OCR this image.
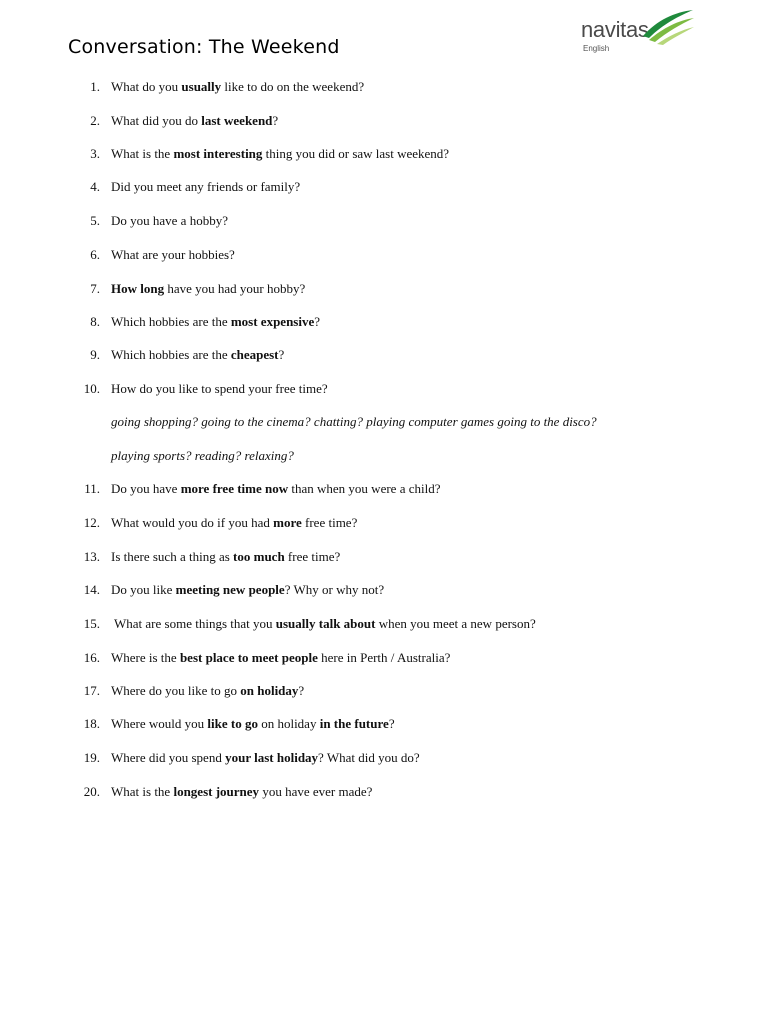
Conversation: The Weekend
navitas
English
1. What do you usually like to do on the weekend?
2. What did you do last weekend?
3. What is the most interesting thing you did or saw last weekend?
4. Did you meet any friends or family?
5. Do you have a hobby?
6. What are your hobbies?
7. How long have you had your hobby?
8. Which hobbies are the most expensive?
9. Which hobbies are the cheapest?
10. How do you like to spend your free time?
11. Do you have more free time now than when you were a child?
12. What would you do if you had more free time?
13. Is there such a thing as too much free time?
14. Do you like meeting new people? Why or why not?
15. What are some things that you usually talk about when you meet a new person?
16. Where is the best place to meet people here in Perth / Australia?
17. Where do you like to go on holiday?
18. Where would you like to go on holiday in the future?
19. Where did you spend your last holiday? What did you do?
20. What is the longest journey you have ever made?
going shopping? going to the cinema? chatting? playing computer games going to the disco?
playing sports? reading? relaxing?
